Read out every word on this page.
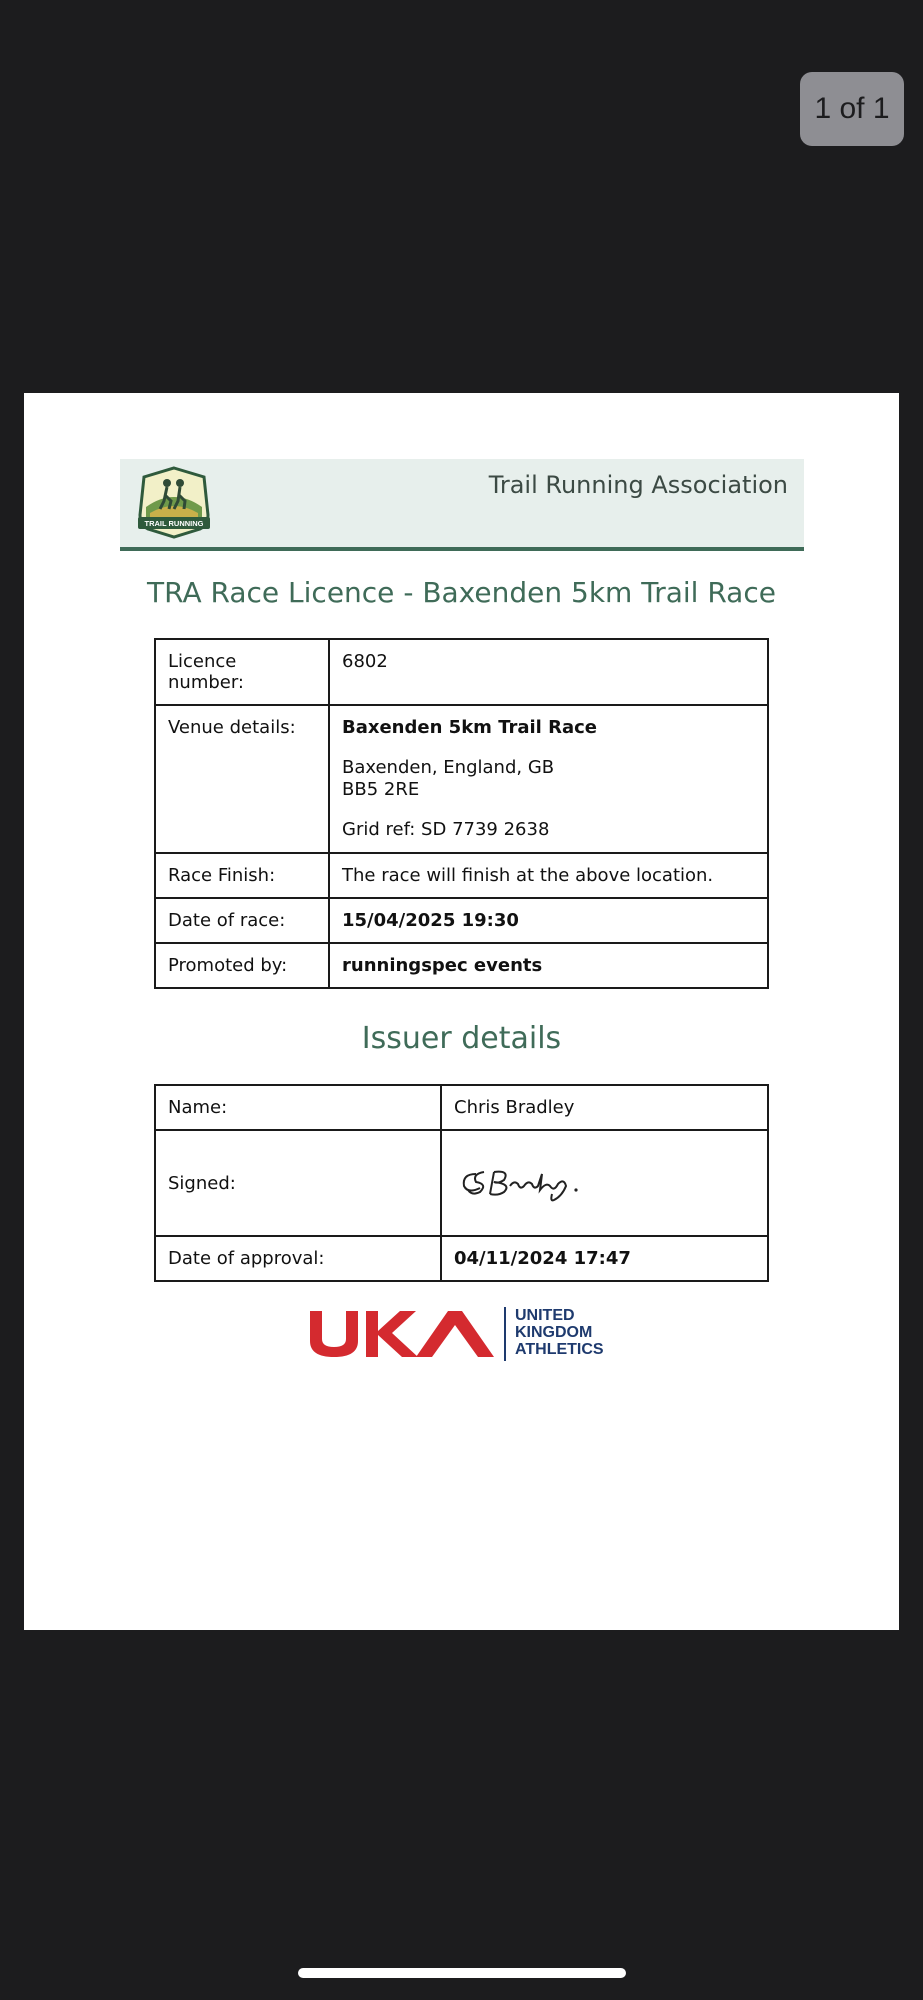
1 of 1
TRAIL RUNNING
Trail Running Association
TRA Race Licence - Baxenden 5km Trail Race
Licence number:	6802
Venue details:	Baxenden 5km Trail Race
Baxenden, England, GB
BB5 2RE
Grid ref: SD 7739 2638

Race Finish:	The race will finish at the above location.
Date of race:	15/04/2025 19:30
Promoted by:	runningspec events
Issuer details
Name:	Chris Bradley
Signed:	

Date of approval:	04/11/2024 17:47
UNITED
KINGDOM
ATHLETICS
